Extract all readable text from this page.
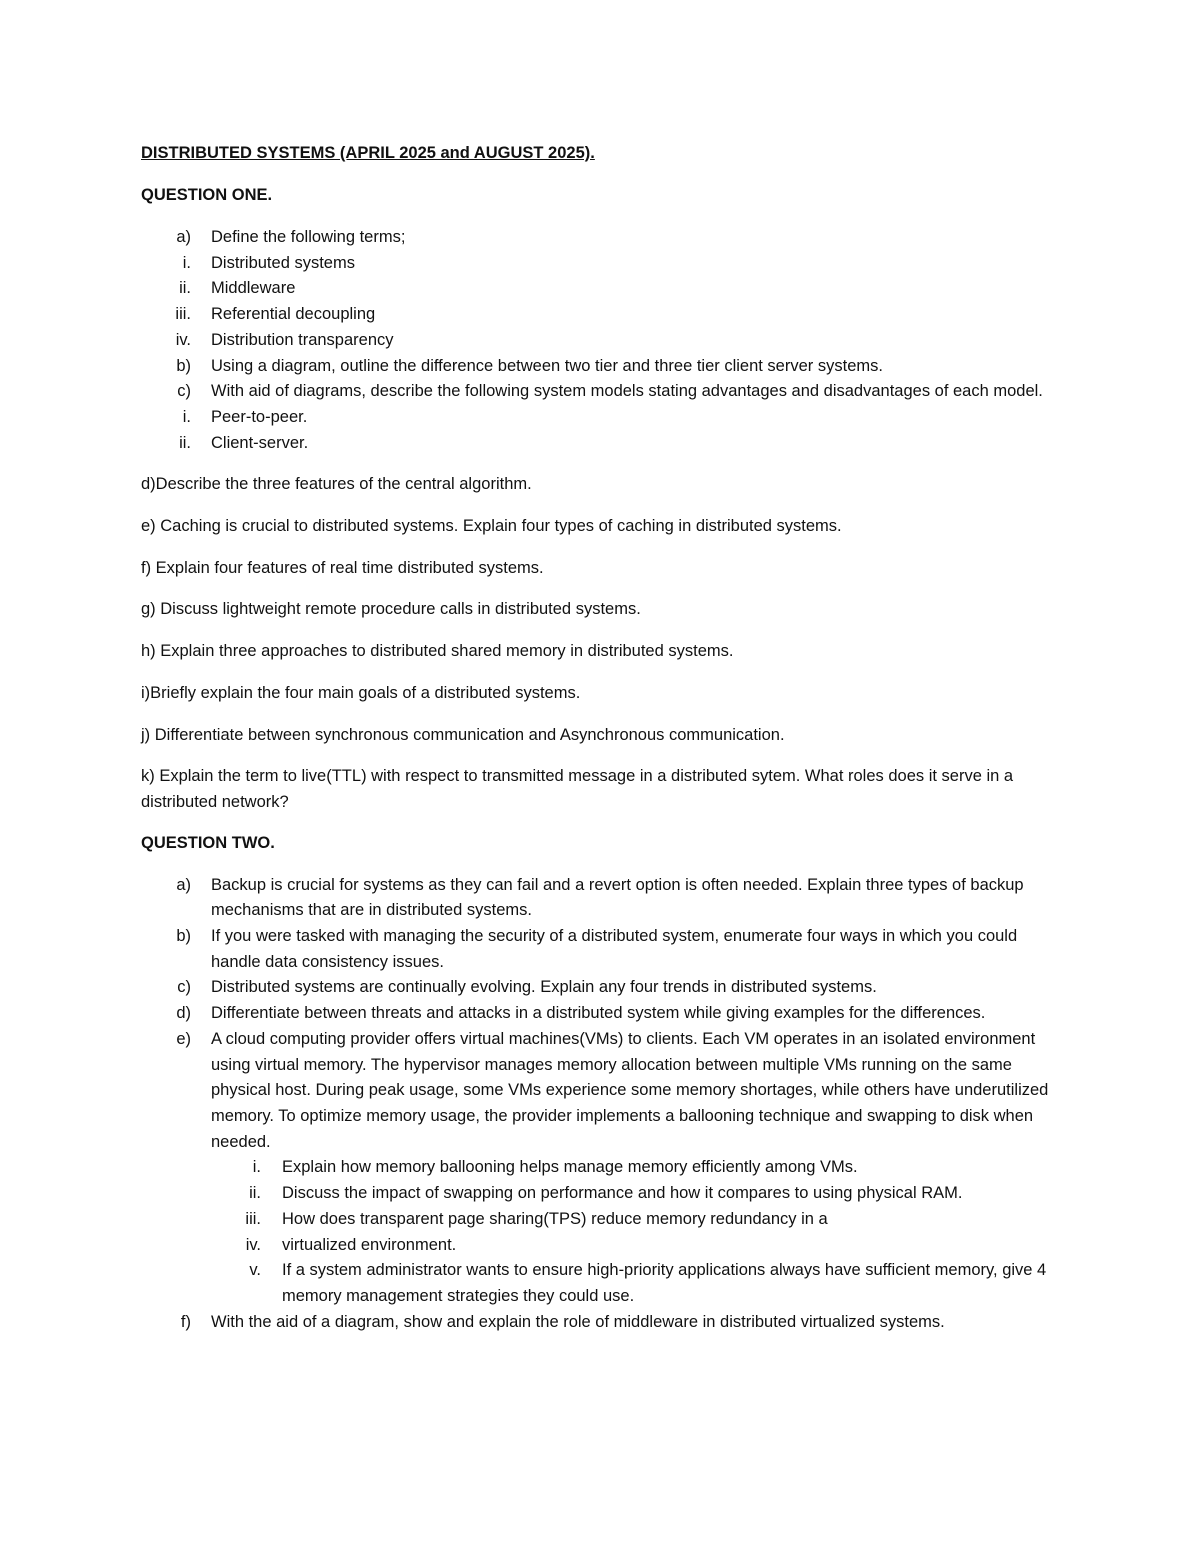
DISTRIBUTED SYSTEMS (APRIL 2025 and AUGUST 2025).
QUESTION ONE.
a) Define the following terms;
i. Distributed systems
ii. Middleware
iii. Referential decoupling
iv. Distribution transparency
b) Using a diagram, outline the difference between two tier and three tier client server systems.
c) With aid of diagrams, describe the following system models stating advantages and disadvantages of each model.
i. Peer-to-peer.
ii. Client-server.
d)Describe the three features of the central algorithm.
e) Caching is crucial to distributed systems. Explain four types of caching in distributed systems.
f) Explain four features of real time distributed systems.
g) Discuss lightweight remote procedure calls in distributed systems.
h) Explain three approaches to distributed shared memory in distributed systems.
i)Briefly explain the four main goals of a distributed systems.
j) Differentiate between synchronous communication and Asynchronous communication.
k) Explain the term to live(TTL) with respect to transmitted message in a distributed sytem. What roles does it serve in a distributed network?
QUESTION TWO.
a) Backup is crucial for systems as they can fail and a revert option is often needed. Explain three types of backup mechanisms that are in distributed systems.
b) If you were tasked with managing the security of a distributed system, enumerate four ways in which you could handle data consistency issues.
c) Distributed systems are continually evolving. Explain any four trends in distributed systems.
d) Differentiate between threats and attacks in a distributed system while giving examples for the differences.
e) A cloud computing provider offers virtual machines(VMs) to clients. Each VM operates in an isolated environment using virtual memory. The hypervisor manages memory allocation between multiple VMs running on the same physical host. During peak usage, some VMs experience some memory shortages, while others have underutilized memory. To optimize memory usage, the provider implements a ballooning technique and swapping to disk when needed.
i. Explain how memory ballooning helps manage memory efficiently among VMs.
ii. Discuss the impact of swapping on performance and how it compares to using physical RAM.
iii. How does transparent page sharing(TPS) reduce memory redundancy in a
iv. virtualized environment.
v. If a system administrator wants to ensure high-priority applications always have sufficient memory, give 4 memory management strategies they could use.
f) With the aid of a diagram, show and explain the role of middleware in distributed virtualized systems.
